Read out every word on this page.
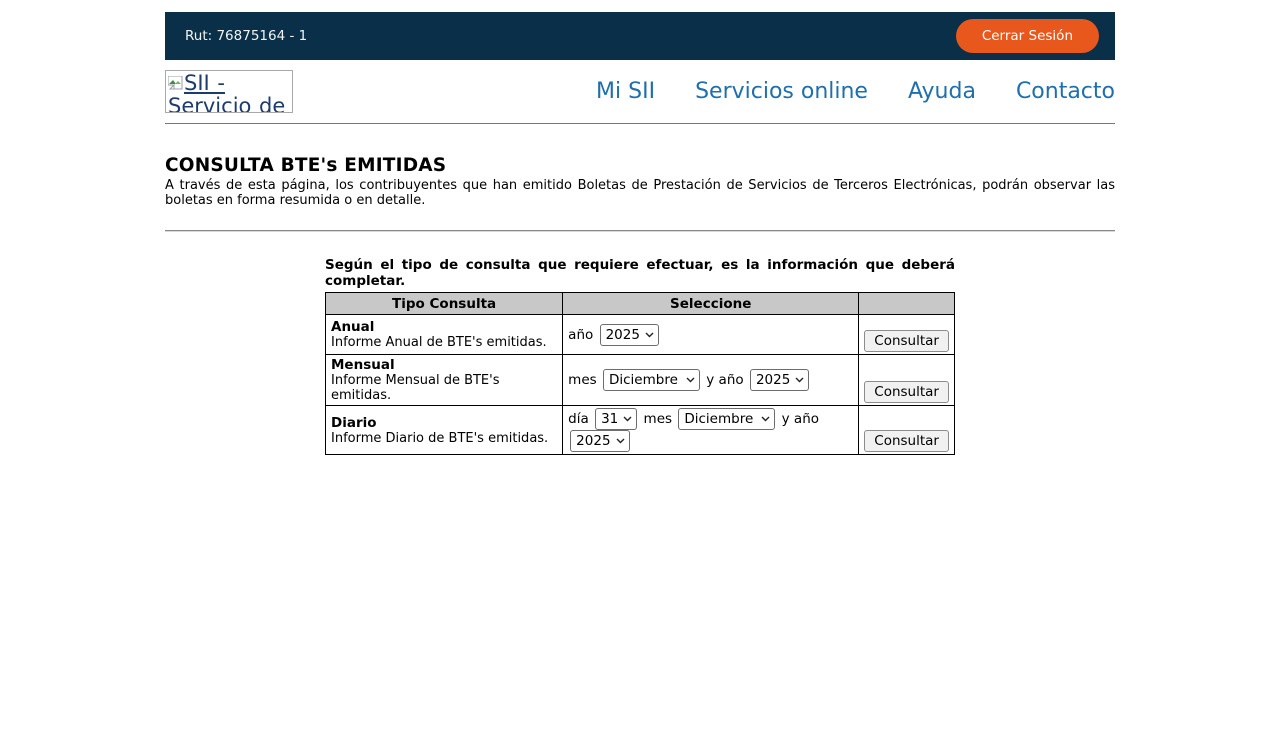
Rut: 76875164 - 1	Cerrar Sesión
SII - Servicio de
Mi SII Servicios online Ayuda Contacto
CONSULTA BTE's EMITIDAS

A través de esta página, los contribuyentes que han emitido Boletas de Prestación de Servicios de Terceros Electrónicas, podrán observar las boletas en forma resumida o en detalle.

Según el tipo de consulta que requiere efectuar, es la información que deberá completar.

Tipo Consulta	Seleccione	

Anual
Informe Anual de BTE's emitidas.	año 2025	Consultar

Mensual
Informe Mensual de BTE's emitidas.	mes Diciembre y año 2025	Consultar

Diario
Informe Diario de BTE's emitidas.
	día 31 mes Diciembre y año
2025	Consultar
